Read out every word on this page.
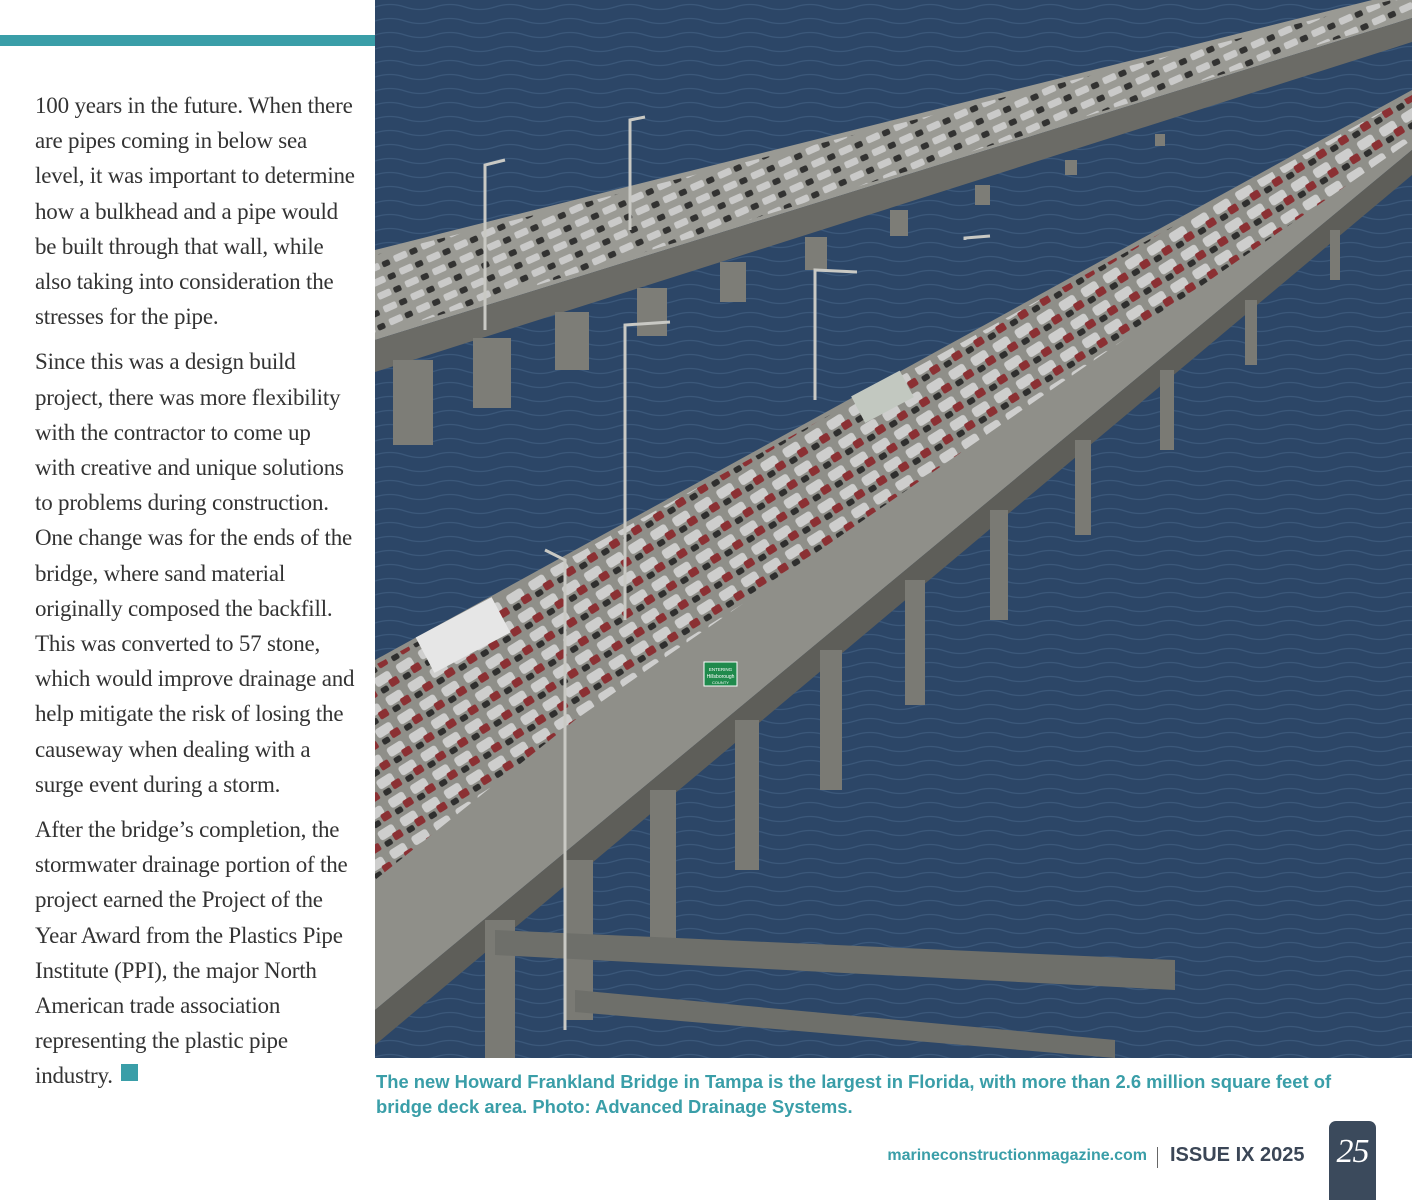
100 years in the future. When there are pipes coming in below sea level, it was important to determine how a bulkhead and a pipe would be built through that wall, while also taking into consideration the stresses for the pipe.

Since this was a design build project, there was more flexibility with the contractor to come up with creative and unique solutions to problems during construction. One change was for the ends of the bridge, where sand material originally composed the backfill. This was converted to 57 stone, which would improve drainage and help mitigate the risk of losing the causeway when dealing with a surge event during a storm.

After the bridge’s completion, the stormwater drainage portion of the project earned the Project of the Year Award from the Plastics Pipe Institute (PPI), the major North American trade association representing the plastic pipe industry.

ENTERING
Hillsborough
COUNTY
The new Howard Frankland Bridge in Tampa is the largest in Florida, with more than 2.6 million square feet of bridge deck area. Photo: Advanced Drainage Systems.
marineconstructionmagazine.com ISSUE IX 2025 25
